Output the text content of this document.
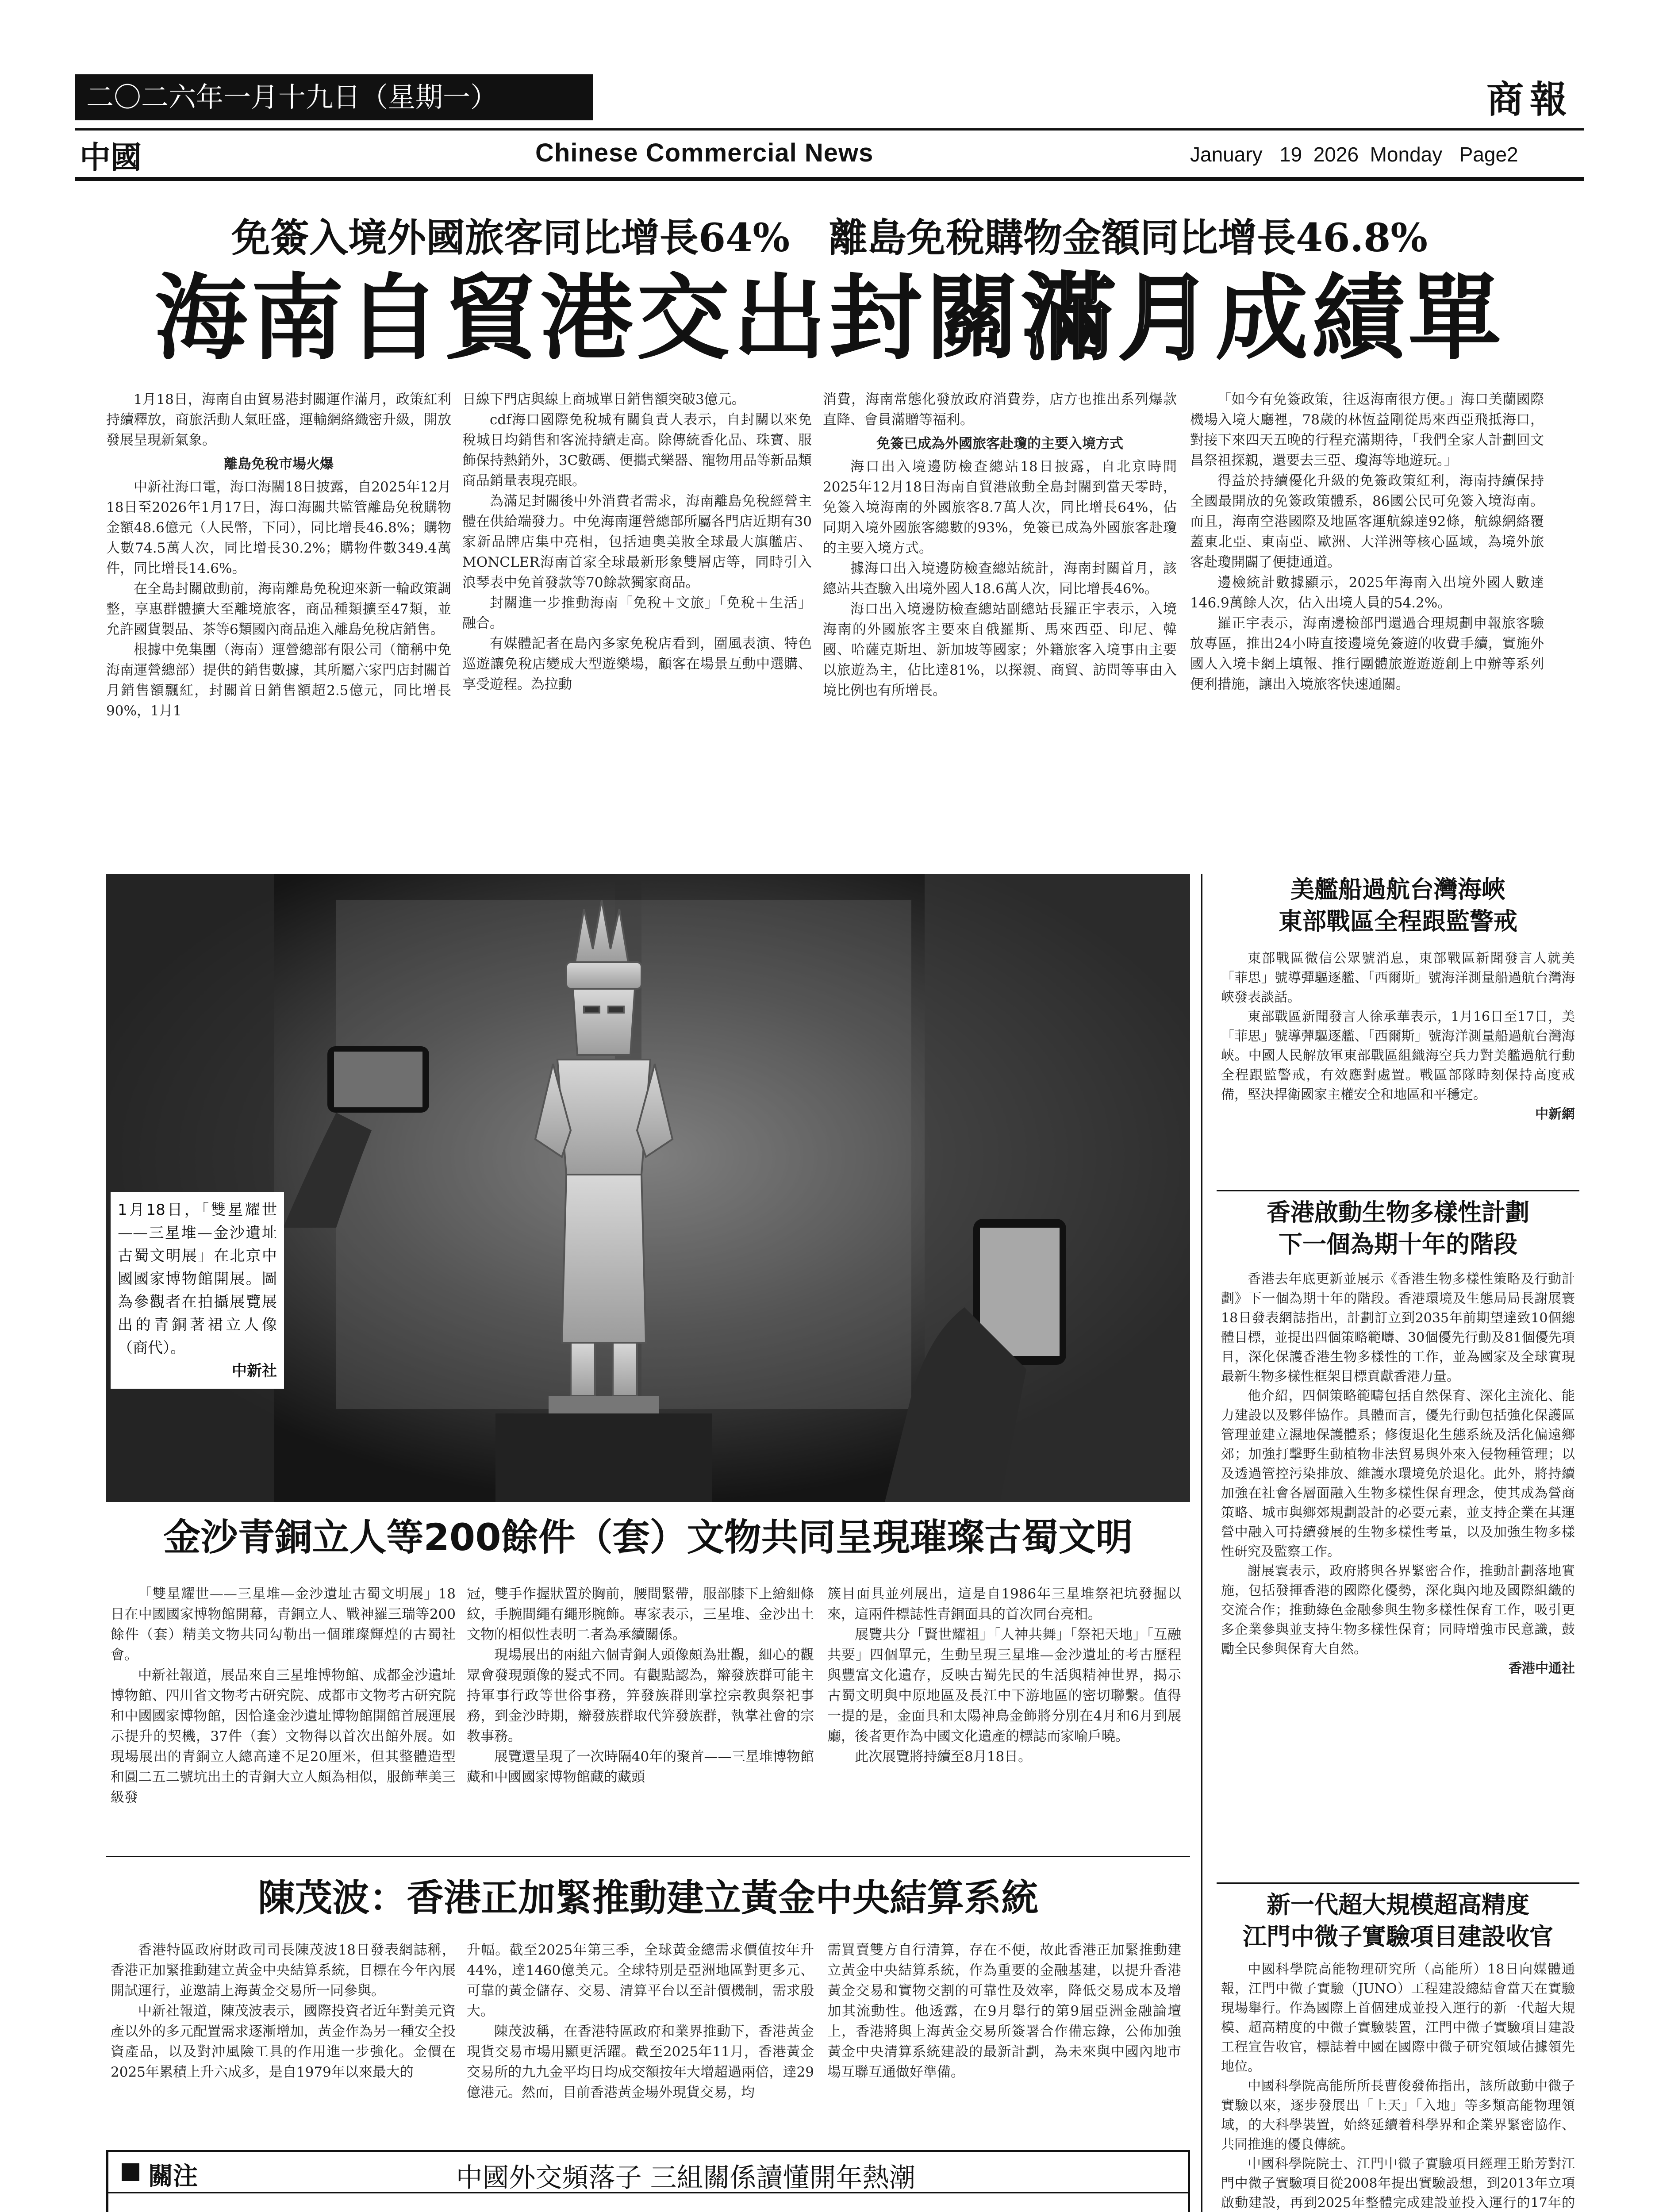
二〇二六年一月十九日（星期一）	商報
中國	Chinese Commercial News	January   19  2026  Monday   Page2
免簽入境外國旅客同比增長64%　離島免稅購物金額同比增長46.8%
海南自貿港交出封關滿月成績單

1月18日，海南自由貿易港封關運作滿月，政策紅利持續釋放，商旅活動人氣旺盛，運輸網絡織密升級，開放發展呈現新氣象。

離島免稅市場火爆

中新社海口電，海口海關18日披露，自2025年12月18日至2026年1月17日，海口海關共監管離島免稅購物金額48.6億元（人民幣，下同），同比增長46.8%；購物人數74.5萬人次，同比增長30.2%；購物件數349.4萬件，同比增長14.6%。

在全島封關啟動前，海南離島免稅迎來新一輪政策調整，享惠群體擴大至離境旅客，商品種類擴至47類，並允許國貨製品、茶等6類國內商品進入離島免稅店銷售。

根據中免集團（海南）運營總部有限公司（簡稱中免海南運營總部）提供的銷售數據，其所屬六家門店封關首月銷售額飄紅，封關首日銷售額超2.5億元，同比增長90%，1月1

日線下門店與線上商城單日銷售額突破3億元。

cdf海口國際免稅城有關負責人表示，自封關以來免稅城日均銷售和客流持續走高。除傳統香化品、珠寶、服飾保持熱銷外，3C數碼、便攜式樂器、寵物用品等新品類商品銷量表現亮眼。

為滿足封關後中外消費者需求，海南離島免稅經營主體在供給端發力。中免海南運營總部所屬各門店近期有30家新品牌店集中亮相，包括迪奧美妝全球最大旗艦店、MONCLER海南首家全球最新形象雙層店等，同時引入浪琴表中免首發款等70餘款獨家商品。

封關進一步推動海南「免稅＋文旅」「免稅＋生活」融合。

有媒體記者在島內多家免稅店看到，圍風表演、特色巡遊讓免稅店變成大型遊樂場，顧客在場景互動中選購、享受遊程。為拉動

消費，海南常態化發放政府消費券，店方也推出系列爆款直降、會員滿贈等福利。

免簽已成為外國旅客赴瓊的主要入境方式

海口出入境邊防檢查總站18日披露，自北京時間2025年12月18日海南自貿港啟動全島封關到當天零時，免簽入境海南的外國旅客8.7萬人次，同比增長64%，佔同期入境外國旅客總數的93%，免簽已成為外國旅客赴瓊的主要入境方式。

據海口出入境邊防檢查總站統計，海南封關首月，該總站共查驗入出境外國人18.6萬人次，同比增長46%。

海口出入境邊防檢查總站副總站長羅正宇表示，入境海南的外國旅客主要來自俄羅斯、馬來西亞、印尼、韓國、哈薩克斯坦、新加坡等國家；外籍旅客入境事由主要以旅遊為主，佔比達81%，以探親、商貿、訪問等事由入境比例也有所增長。

「如今有免簽政策，往返海南很方便。」海口美蘭國際機場入境大廳裡，78歲的林恆益剛從馬來西亞飛抵海口，對接下來四天五晚的行程充滿期待，「我們全家人計劃回文昌祭祖探親，還要去三亞、瓊海等地遊玩。」

得益於持續優化升級的免簽政策紅利，海南持續保持全國最開放的免簽政策體系，86國公民可免簽入境海南。而且，海南空港國際及地區客運航線達92條，航線網絡覆蓋東北亞、東南亞、歐洲、大洋洲等核心區域，為境外旅客赴瓊開闢了便捷通道。

邊檢統計數據顯示，2025年海南入出境外國人數達146.9萬餘人次，佔入出境人員的54.2%。

羅正宇表示，海南邊檢部門還過合理規劃申報旅客驗放專區，推出24小時直接邊境免簽遊的收費手續，實施外國人入境卡網上填報、推行團體旅遊遊遊創上申辦等系列便利措施，讓出入境旅客快速通關。

1月18日，「雙星耀世——三星堆—金沙遺址古蜀文明展」在北京中國國家博物館開展。圖為參觀者在拍攝展覽展出的青銅著裙立人像（商代）。
中新社
金沙青銅立人等200餘件（套）文物共同呈現璀璨古蜀文明

「雙星耀世——三星堆—金沙遺址古蜀文明展」18日在中國國家博物館開幕，青銅立人、戰神羅三瑞等200餘件（套）精美文物共同勾勒出一個璀璨輝煌的古蜀社會。

中新社報道，展品來自三星堆博物館、成都金沙遺址博物館、四川省文物考古研究院、成都市文物考古研究院和中國國家博物館，因恰逢金沙遺址博物館開館首展運展示提升的契機，37件（套）文物得以首次出館外展。如現場展出的青銅立人總高達不足20厘米，但其整體造型和圓二五二號坑出土的青銅大立人頗為相似，服飾華美三級發

冠，雙手作握狀置於胸前，腰間緊帶，服部膝下上繪細條紋，手腕間繩有繩形腕飾。專家表示，三星堆、金沙出土文物的相似性表明二者為承續關係。

現場展出的兩組六個青銅人頭像頗為壯觀，細心的觀眾會發現頭像的髮式不同。有觀點認為，辮發族群可能主持軍事行政等世俗事務，笄發族群則掌控宗教與祭祀事務，到金沙時期，辮發族群取代笄發族群，執掌社會的宗教事務。

展覽還呈現了一次時隔40年的聚首——三星堆博物館藏和中國國家博物館藏的藏頭

簇目面具並列展出，這是自1986年三星堆祭祀坑發掘以來，這兩件標誌性青銅面具的首次同台亮相。

展覽共分「賢世耀祖」「人神共舞」「祭祀天地」「互融共要」四個單元，生動呈現三星堆—金沙遺址的考古歷程與豐富文化遺存，反映古蜀先民的生活與精神世界，揭示古蜀文明與中原地區及長江中下游地區的密切聯繫。值得一提的是，金面具和太陽神鳥金飾將分別在4月和6月到展廳，後者更作為中國文化遺產的標誌而家喻戶曉。

此次展覽將持續至8月18日。

陳茂波：香港正加緊推動建立黃金中央結算系統

香港特區政府財政司司長陳茂波18日發表網誌稱，香港正加緊推動建立黃金中央結算系統，目標在今年內展開試運行，並邀請上海黃金交易所一同參與。

中新社報道，陳茂波表示，國際投資者近年對美元資產以外的多元配置需求逐漸增加，黃金作為另一種安全投資產品，以及對沖風險工具的作用進一步強化。金價在2025年累積上升六成多，是自1979年以來最大的

升幅。截至2025年第三季，全球黃金總需求價值按年升44%，達1460億美元。全球特別是亞洲地區對更多元、可靠的黃金儲存、交易、清算平台以至計價機制，需求殷大。

陳茂波稱，在香港特區政府和業界推動下，香港黃金現貨交易市場用顯更活躍。截至2025年11月，香港黃金交易所的九九金平均日均成交額按年大增超過兩倍，達29億港元。然而，目前香港黃金場外現貨交易，均

需買賣雙方自行清算，存在不便，故此香港正加緊推動建立黃金中央結算系統，作為重要的金融基建，以提升香港黃金交易和實物交割的可靠性及效率，降低交易成本及增加其流動性。他透露，在9月舉行的第9屆亞洲金融論壇上，香港將與上海黃金交易所簽署合作備忘錄，公佈加強黃金中央清算系統建設的最新計劃，為未來與中國內地市場互聯互通做好準備。

關注	中國外交頻落子 三組關係讀懂開年熱潮

美艦船過航台灣海峽
東部戰區全程跟監警戒

東部戰區微信公眾號消息，東部戰區新聞發言人就美「菲思」號導彈驅逐艦、「西爾斯」號海洋測量船過航台灣海峽發表談話。

東部戰區新聞發言人徐承華表示，1月16日至17日，美「菲思」號導彈驅逐艦、「西爾斯」號海洋測量船過航台灣海峽。中國人民解放軍東部戰區組織海空兵力對美艦過航行動全程跟監警戒，有效應對處置。戰區部隊時刻保持高度戒備，堅決捍衛國家主權安全和地區和平穩定。

中新網
香港啟動生物多樣性計劃
下一個為期十年的階段

香港去年底更新並展示《香港生物多樣性策略及行動計劃》下一個為期十年的階段。香港環境及生態局局長謝展寰18日發表網誌指出，計劃訂立到2035年前期望達致10個總體目標，並提出四個策略範疇、30個優先行動及81個優先項目，深化保護香港生物多樣性的工作，並為國家及全球實現最新生物多樣性框架目標貢獻香港力量。

他介紹，四個策略範疇包括自然保育、深化主流化、能力建設以及夥伴協作。具體而言，優先行動包括強化保護區管理並建立濕地保護體系；修復退化生態系統及活化偏遠鄉郊；加強打擊野生動植物非法貿易與外來入侵物種管理；以及透過管控污染排放、維護水環境免於退化。此外，將持續加強在社會各層面融入生物多樣性保育理念，使其成為營商策略、城市與鄉郊規劃設計的必要元素，並支持企業在其運營中融入可持續發展的生物多樣性考量，以及加強生物多樣性研究及監察工作。

謝展寰表示，政府將與各界緊密合作，推動計劃落地實施，包括發揮香港的國際化優勢，深化與內地及國際組織的交流合作；推動綠色金融參與生物多樣性保育工作，吸引更多企業參與並支持生物多樣性保育；同時增強市民意識，鼓勵全民參與保育大自然。

香港中通社
新一代超大規模超高精度
江門中微子實驗項目建設收官

中國科學院高能物理研究所（高能所）18日向媒體通報，江門中微子實驗（JUNO）工程建設總結會當天在實驗現場舉行。作為國際上首個建成並投入運行的新一代超大規模、超高精度的中微子實驗裝置，江門中微子實驗項目建設工程宣告收官，標誌着中國在國際中微子研究領域佔據領先地位。

中國科學院高能所所長曹俊發佈指出，該所啟動中微子實驗以來，逐步發展出「上天」「入地」等多類高能物理領域，的大科學裝置，始終延續着科學界和企業界緊密協作、共同推進的優良傳統。

中國科學院院士、江門中微子實驗項目經理王貽芳對江門中微子實驗項目從2008年提出實驗設想，到2013年立項啟動建設，再到2025年整體完成建設並投入運行的17年的
